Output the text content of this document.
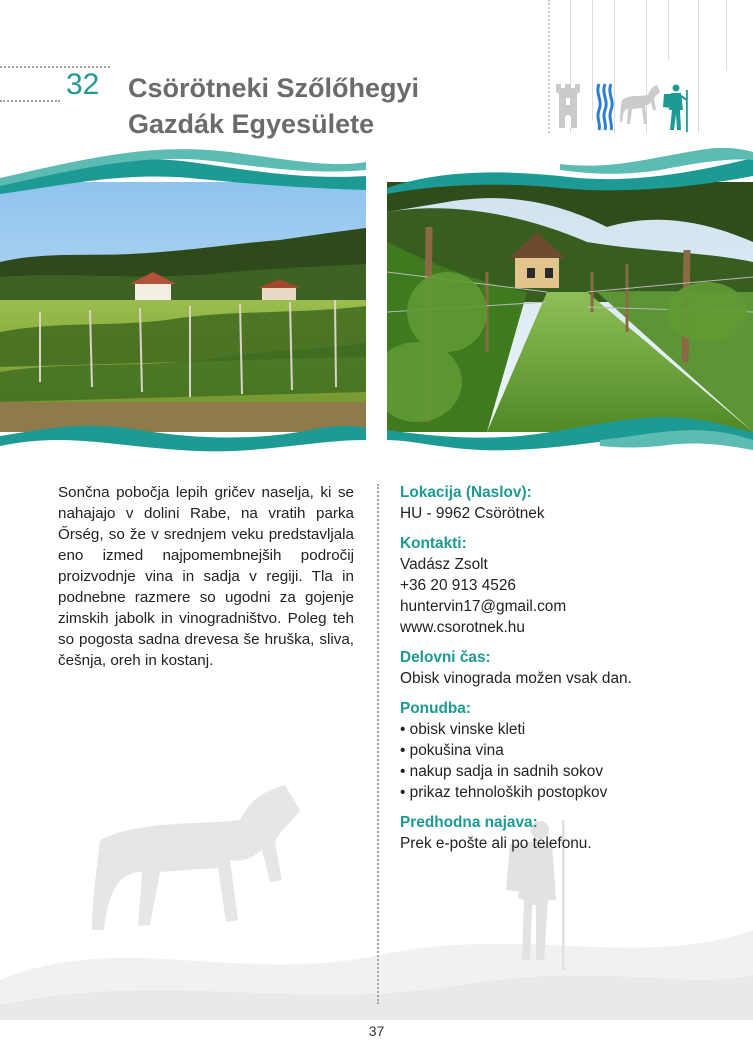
32 Csörötneki Szőlőhegyi
Gazdák Egyesülete
Sončna pobočja lepih gričev naselja, ki se nahajajo v dolini Rabe, na vratih parka Őrség, so že v srednjem veku predstavljala eno izmed najpomembnejših področij proizvodnje vina in sadja v regiji. Tla in podnebne razmere so ugodni za gojenje zimskih jabolk in vinogradništvo. Poleg teh so pogosta sadna drevesa še hruška, sliva, češnja, oreh in kostanj.
Lokacija (Naslov):

HU - 9962 Csörötnek

Kontakti:

Vadász Zsolt

+36 20 913 4526

huntervin17@gmail.com

www.csorotnek.hu

Delovni čas:

Obisk vinograda možen vsak dan.

Ponudba:
• obisk vinske kleti
• pokušina vina
• nakup sadja in sadnih sokov
• prikaz tehnoloških postopkov
Predhodna najava:

Prek e-pošte ali po telefonu.

37
